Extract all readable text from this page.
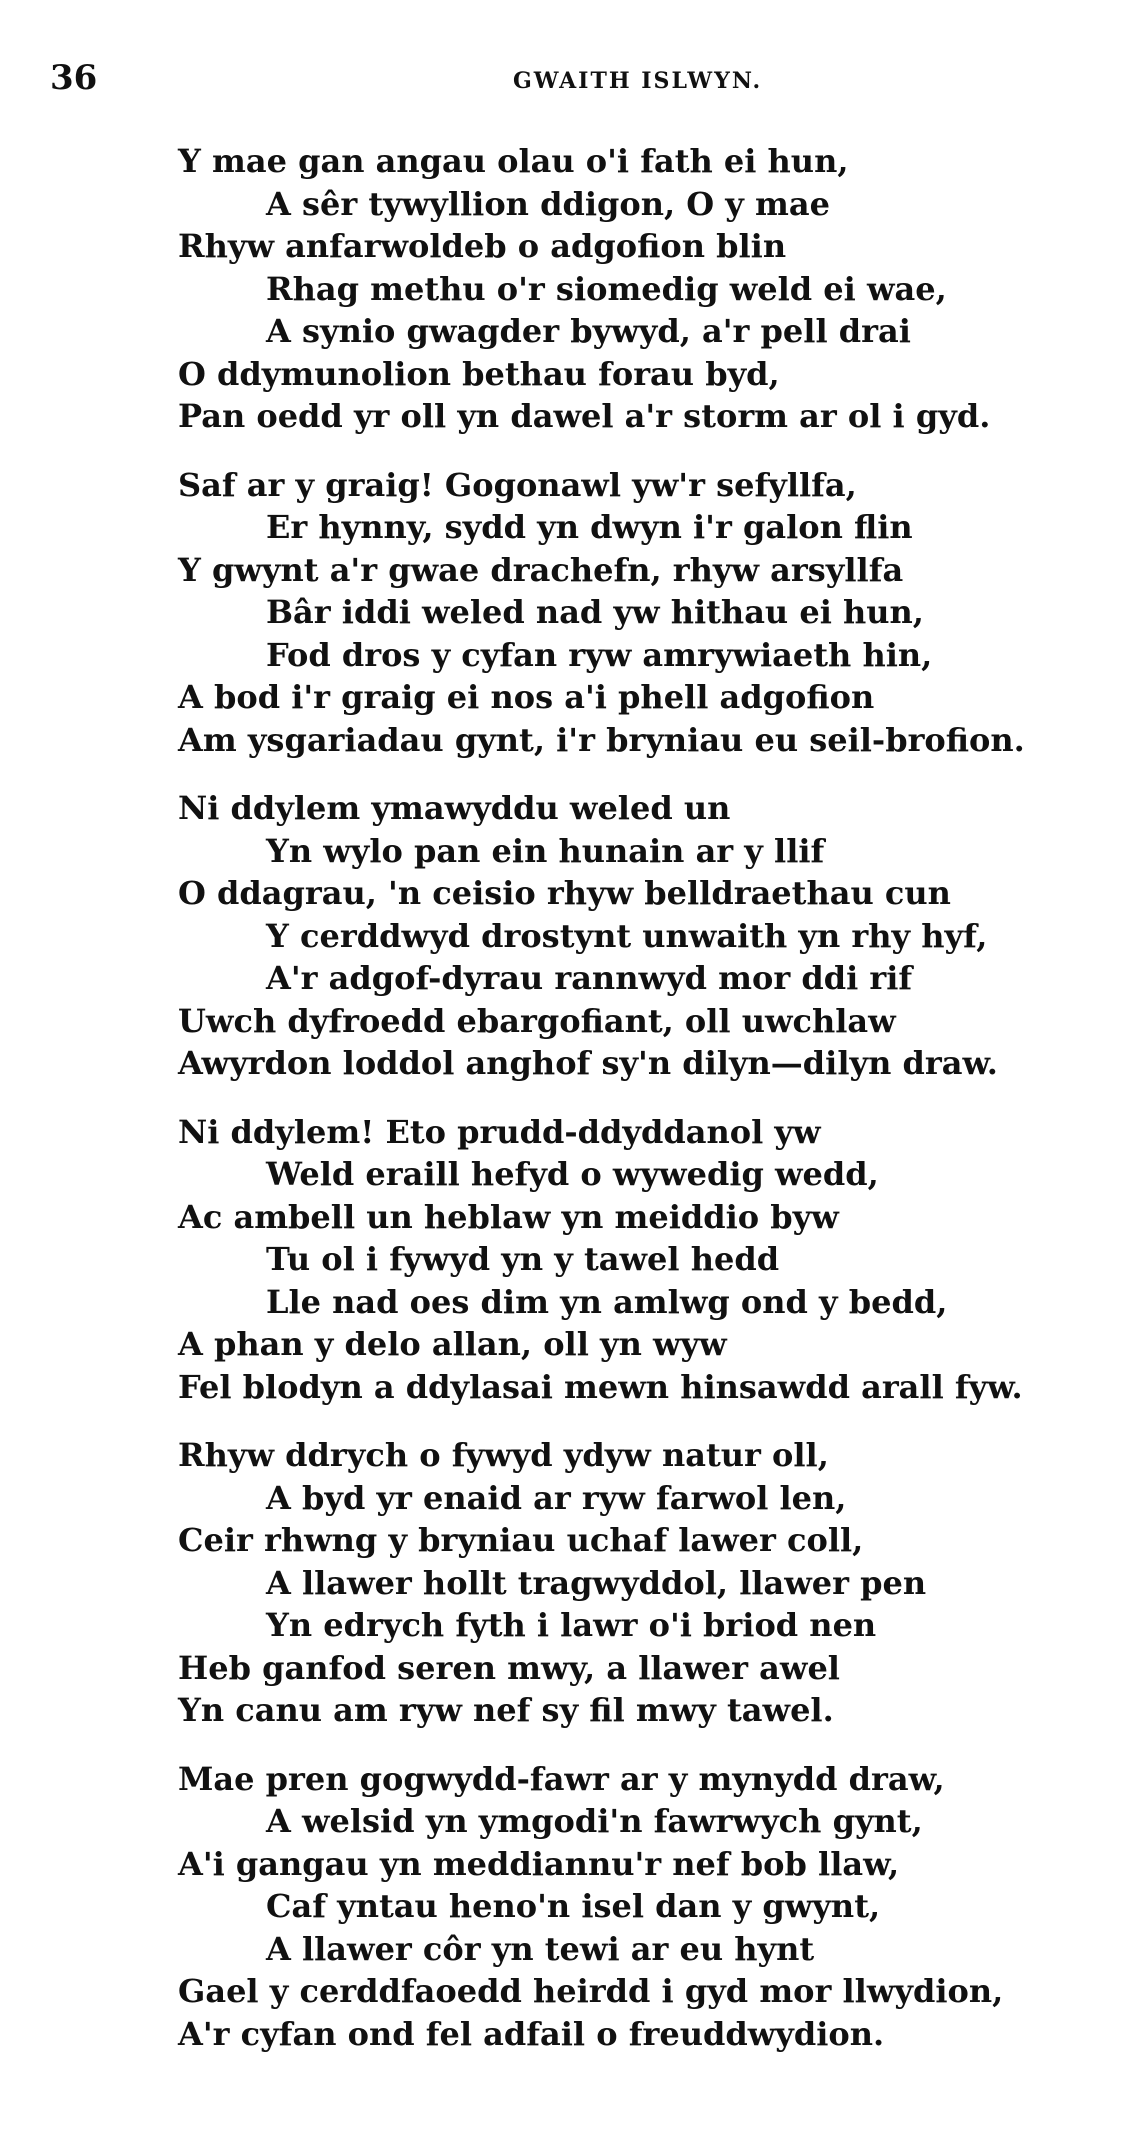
36	GWAITH ISLWYN.
Y mae gan angau olau o'i fath ei hun,
A sêr tywyllion ddigon, O y mae
Rhyw anfarwoldeb o adgofion blin
Rhag methu o'r siomedig weld ei wae,
A synio gwagder bywyd, a'r pell drai
O ddymunolion bethau forau byd,
Pan oedd yr oll yn dawel a'r storm ar ol i gyd.
Saf ar y graig! Gogonawl yw'r sefyllfa,
Er hynny, sydd yn dwyn i'r galon flin
Y gwynt a'r gwae drachefn, rhyw arsyllfa
Bâr iddi weled nad yw hithau ei hun,
Fod dros y cyfan ryw amrywiaeth hin,
A bod i'r graig ei nos a'i phell adgofion
Am ysgariadau gynt, i'r bryniau eu seil-brofion.
Ni ddylem ymawyddu weled un
Yn wylo pan ein hunain ar y llif
O ddagrau, 'n ceisio rhyw belldraethau cun
Y cerddwyd drostynt unwaith yn rhy hyf,
A'r adgof-dyrau rannwyd mor ddi rif
Uwch dyfroedd ebargofiant, oll uwchlaw
Awyrdon loddol anghof sy'n dilyn—dilyn draw.
Ni ddylem! Eto prudd-ddyddanol yw
Weld eraill hefyd o wywedig wedd,
Ac ambell un heblaw yn meiddio byw
Tu ol i fywyd yn y tawel hedd
Lle nad oes dim yn amlwg ond y bedd,
A phan y delo allan, oll yn wyw
Fel blodyn a ddylasai mewn hinsawdd arall fyw.
Rhyw ddrych o fywyd ydyw natur oll,
A byd yr enaid ar ryw farwol len,
Ceir rhwng y bryniau uchaf lawer coll,
A llawer hollt tragwyddol, llawer pen
Yn edrych fyth i lawr o'i briod nen
Heb ganfod seren mwy, a llawer awel
Yn canu am ryw nef sy fil mwy tawel.
Mae pren gogwydd-fawr ar y mynydd draw,
A welsid yn ymgodi'n fawrwych gynt,
A'i gangau yn meddiannu'r nef bob llaw,
Caf yntau heno'n isel dan y gwynt,
A llawer côr yn tewi ar eu hynt
Gael y cerddfaoedd heirdd i gyd mor llwydion,
A'r cyfan ond fel adfail o freuddwydion.
